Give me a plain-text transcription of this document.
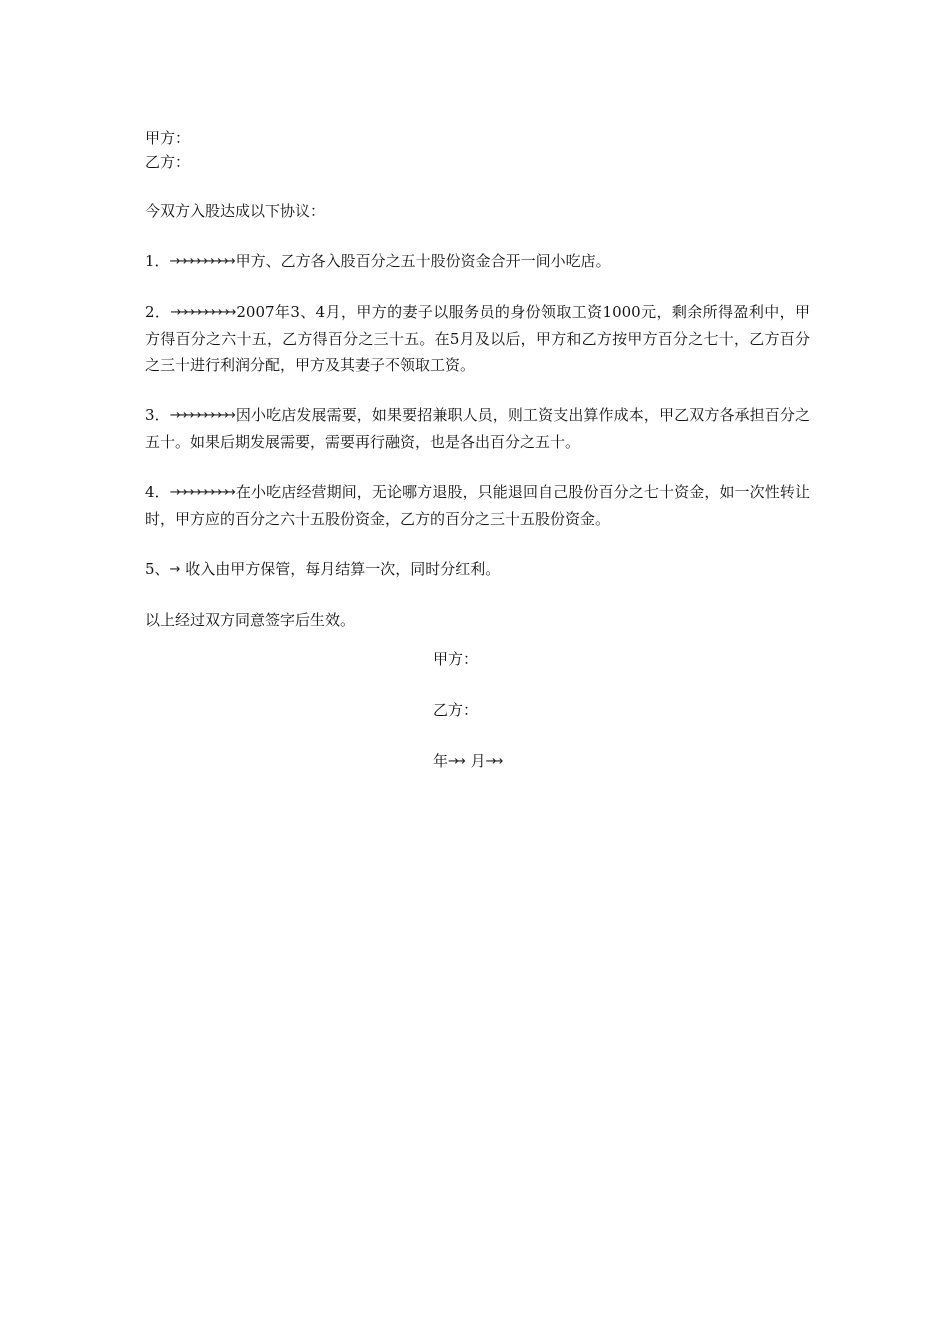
甲方：
乙方：
今双方入股达成以下协议：
1．→→→→→→→→→ 甲方、乙方各入股百分之五十股份资金合开一间小吃店。
2．→→→→→→→→→ 2007年3、4月，甲方的妻子以服务员的身份领取工资1000元，剩余所得盈利中，甲方得百分之六十五，乙方得百分之三十五。在5月及以后，甲方和乙方按甲方百分之七十，乙方百分之三十进行利润分配，甲方及其妻子不领取工资。
3．→→→→→→→→→ 因小吃店发展需要，如果要招兼职人员，则工资支出算作成本，甲乙双方各承担百分之五十。如果后期发展需要，需要再行融资，也是各出百分之五十。
4．→→→→→→→→→ 在小吃店经营期间，无论哪方退股，只能退回自己股份百分之七十资金，如一次性转让时，甲方应的百分之六十五股份资金，乙方的百分之三十五股份资金。
5、→ 收入由甲方保管，每月结算一次，同时分红利。
以上经过双方同意签字后生效。
甲方：
乙方：
年→→ 月→→
